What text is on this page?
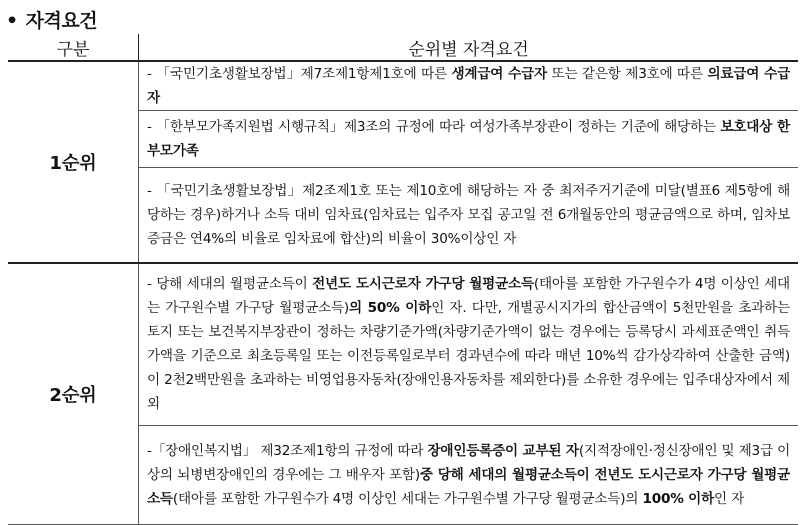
• 자격요건
구분	순위별 자격요건
1순위	- 「국민기초생활보장법」제7조제1항제1호에 따른 생계급여 수급자 또는 같은항 제3호에 따른 의료급여 수급자
	- 「한부모가족지원법 시행규칙」제3조의 규정에 따라 여성가족부장관이 정하는 기준에 해당하는 보호대상 한부모가족
	- 「국민기초생활보장법」제2조제1호 또는 제10호에 해당하는 자 중 최저주거기준에 미달(별표6 제5항에 해당하는 경우)하거나 소득 대비 임차료(임차료는 입주자 모집 공고일 전 6개월동안의 평균금액으로 하며, 임차보증금은 연4%의 비율로 임차료에 합산)의 비율이 30%이상인 자
2순위	- 당해 세대의 월평균소득이 전년도 도시근로자 가구당 월평균소득(태아를 포함한 가구원수가 4명 이상인 세대는 가구원수별 가구당 월평균소득)의 50% 이하인 자. 다만, 개별공시지가의 합산금액이 5천만원을 초과하는 토지 또는 보건복지부장관이 정하는 차량기준가액(차량기준가액이 없는 경우에는 등록당시 과세표준액인 취득가액을 기준으로 최초등록일 또는 이전등록일로부터 경과년수에 따라 매년 10%씩 감가상각하여 산출한 금액)이 2천2백만원을 초과하는 비영업용자동차(장애인용자동차를 제외한다)를 소유한 경우에는 입주대상자에서 제외
	-「장애인복지법」 제32조제1항의 규정에 따라 장애인등록증이 교부된 자(지적장애인·정신장애인 및 제3급 이상의 뇌병변장애인의 경우에는 그 배우자 포함)중 당해 세대의 월평균소득이 전년도 도시근로자 가구당 월평균소득(태아를 포함한 가구원수가 4명 이상인 세대는 가구원수별 가구당 월평균소득)의 100% 이하인 자
